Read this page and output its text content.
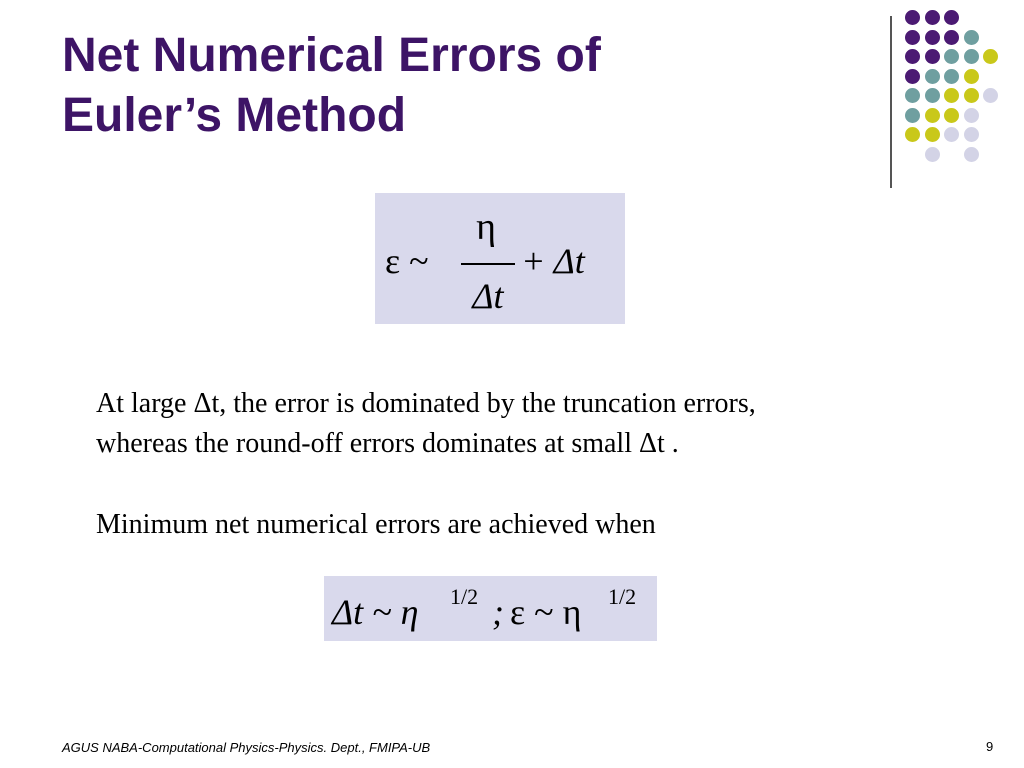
Net Numerical Errors of
Euler’s Method
ε ~
η
Δt
+ Δt
At large Δt, the error is dominated by the truncation errors,
whereas the round-off errors dominates at small Δt .
Minimum net numerical errors are achieved when
Δt ~ η 1/2 ; ε ~ η 1/2
AGUS NABA-Computational Physics-Physics. Dept., FMIPA-UB	9
